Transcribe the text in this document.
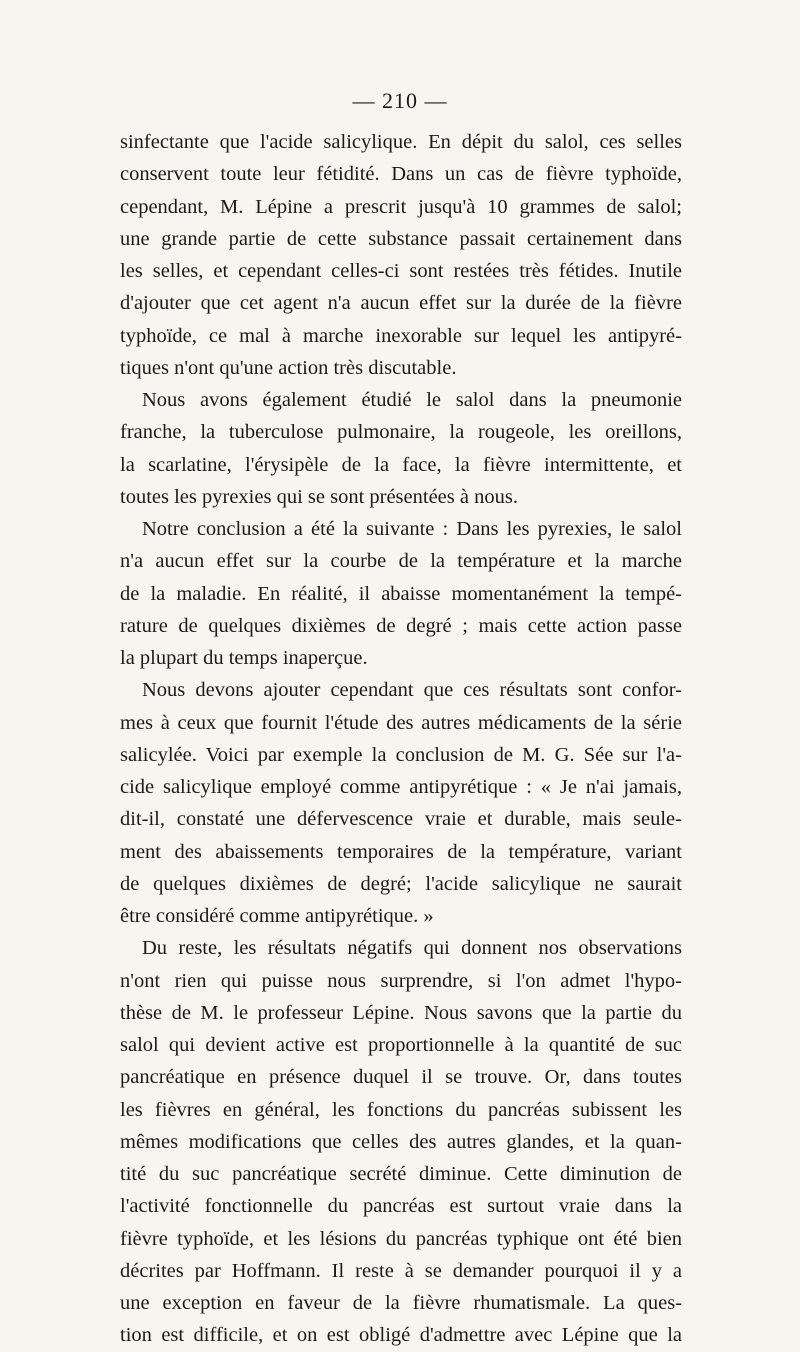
— 210 —
sinfectante que l'acide salicylique. En dépit du salol, ces selles
conservent toute leur fétidité. Dans un cas de fièvre typhoïde,
cependant, M. Lépine a prescrit jusqu'à 10 grammes de salol;
une grande partie de cette substance passait certainement dans
les selles, et cependant celles-ci sont restées très fétides. Inutile
d'ajouter que cet agent n'a aucun effet sur la durée de la fièvre
typhoïde, ce mal à marche inexorable sur lequel les antipyré-
tiques n'ont qu'une action très discutable.
Nous avons également étudié le salol dans la pneumonie
franche, la tuberculose pulmonaire, la rougeole, les oreillons,
la scarlatine, l'érysipèle de la face, la fièvre intermittente, et
toutes les pyrexies qui se sont présentées à nous.
Notre conclusion a été la suivante : Dans les pyrexies, le salol
n'a aucun effet sur la courbe de la température et la marche
de la maladie. En réalité, il abaisse momentanément la tempé-
rature de quelques dixièmes de degré ; mais cette action passe
la plupart du temps inaperçue.
Nous devons ajouter cependant que ces résultats sont confor-
mes à ceux que fournit l'étude des autres médicaments de la série
salicylée. Voici par exemple la conclusion de M. G. Sée sur l'a-
cide salicylique employé comme antipyrétique : « Je n'ai jamais,
dit-il, constaté une défervescence vraie et durable, mais seule-
ment des abaissements temporaires de la température, variant
de quelques dixièmes de degré; l'acide salicylique ne saurait
être considéré comme antipyrétique. »
Du reste, les résultats négatifs qui donnent nos observations
n'ont rien qui puisse nous surprendre, si l'on admet l'hypo-
thèse de M. le professeur Lépine. Nous savons que la partie du
salol qui devient active est proportionnelle à la quantité de suc
pancréatique en présence duquel il se trouve. Or, dans toutes
les fièvres en général, les fonctions du pancréas subissent les
mêmes modifications que celles des autres glandes, et la quan-
tité du suc pancréatique secrété diminue. Cette diminution de
l'activité fonctionnelle du pancréas est surtout vraie dans la
fièvre typhoïde, et les lésions du pancréas typhique ont été bien
décrites par Hoffmann. Il reste à se demander pourquoi il y a
une exception en faveur de la fièvre rhumatismale. La ques-
tion est difficile, et on est obligé d'admettre avec Lépine que la
